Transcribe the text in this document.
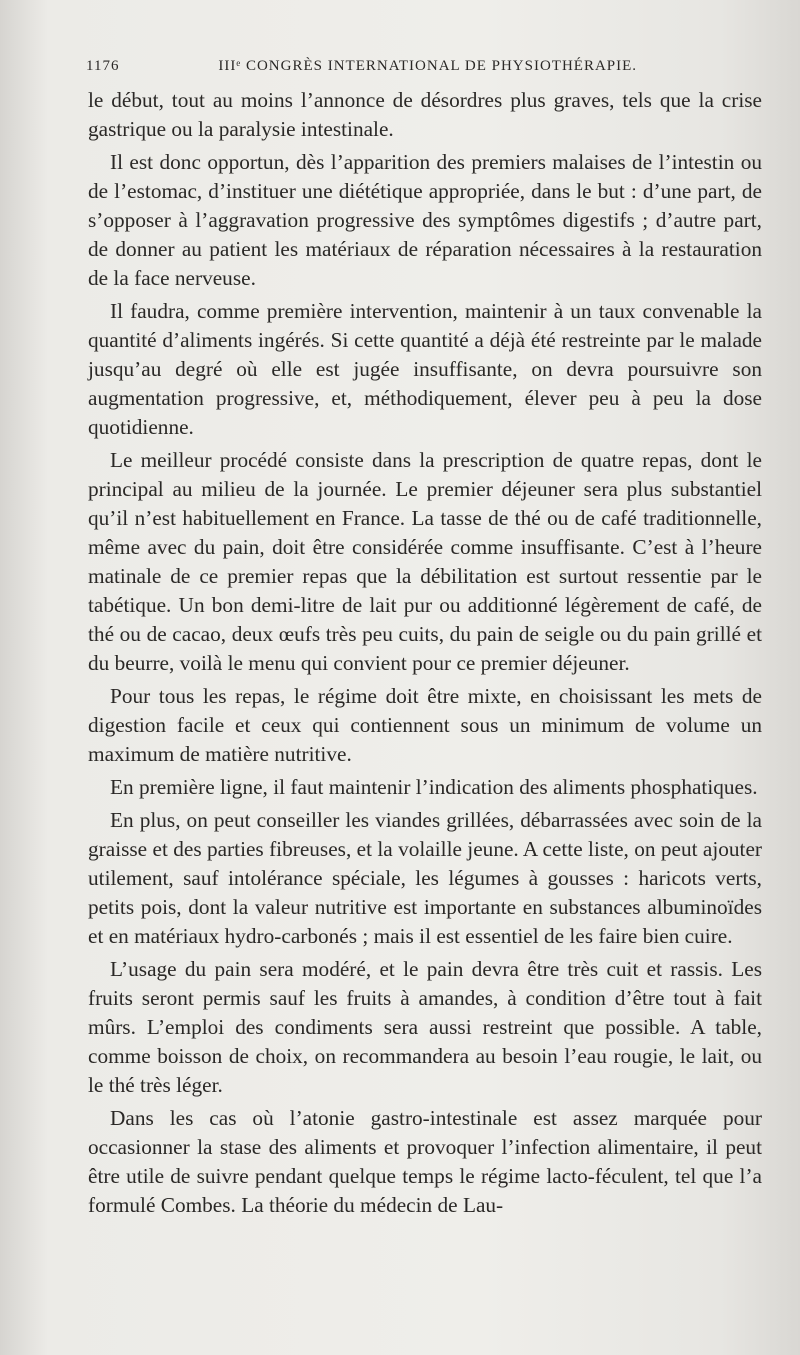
1176	IIIᵉ CONGRÈS INTERNATIONAL DE PHYSIOTHÉRAPIE.

le début, tout au moins l’annonce de désordres plus graves, tels que la crise gastrique ou la paralysie intestinale.

Il est donc opportun, dès l’apparition des premiers malaises de l’intestin ou de l’estomac, d’instituer une diététique appropriée, dans le but : d’une part, de s’opposer à l’aggravation progressive des symptômes digestifs ; d’autre part, de donner au patient les matériaux de réparation nécessaires à la restauration de la face nerveuse.

Il faudra, comme première intervention, maintenir à un taux convenable la quantité d’aliments ingérés. Si cette quantité a déjà été restreinte par le malade jusqu’au degré où elle est jugée insuffisante, on devra poursuivre son augmentation progressive, et, méthodiquement, élever peu à peu la dose quotidienne.

Le meilleur procédé consiste dans la prescription de quatre repas, dont le principal au milieu de la journée. Le premier déjeuner sera plus substantiel qu’il n’est habituellement en France. La tasse de thé ou de café traditionnelle, même avec du pain, doit être considérée comme insuffisante. C’est à l’heure matinale de ce premier repas que la débilitation est surtout ressentie par le tabétique. Un bon demi-litre de lait pur ou additionné légèrement de café, de thé ou de cacao, deux œufs très peu cuits, du pain de seigle ou du pain grillé et du beurre, voilà le menu qui convient pour ce premier déjeuner.

Pour tous les repas, le régime doit être mixte, en choisissant les mets de digestion facile et ceux qui contiennent sous un minimum de volume un maximum de matière nutritive.

En première ligne, il faut maintenir l’indication des aliments phosphatiques.

En plus, on peut conseiller les viandes grillées, débarrassées avec soin de la graisse et des parties fibreuses, et la volaille jeune. A cette liste, on peut ajouter utilement, sauf intolérance spéciale, les légumes à gousses : haricots verts, petits pois, dont la valeur nutritive est importante en substances albuminoïdes et en matériaux hydro-carbonés ; mais il est essentiel de les faire bien cuire.

L’usage du pain sera modéré, et le pain devra être très cuit et rassis. Les fruits seront permis sauf les fruits à amandes, à condition d’être tout à fait mûrs. L’emploi des condiments sera aussi restreint que possible. A table, comme boisson de choix, on recommandera au besoin l’eau rougie, le lait, ou le thé très léger.

Dans les cas où l’atonie gastro-intestinale est assez marquée pour occasionner la stase des aliments et provoquer l’infection alimentaire, il peut être utile de suivre pendant quelque temps le régime lacto-féculent, tel que l’a formulé Combes. La théorie du médecin de Lau-
